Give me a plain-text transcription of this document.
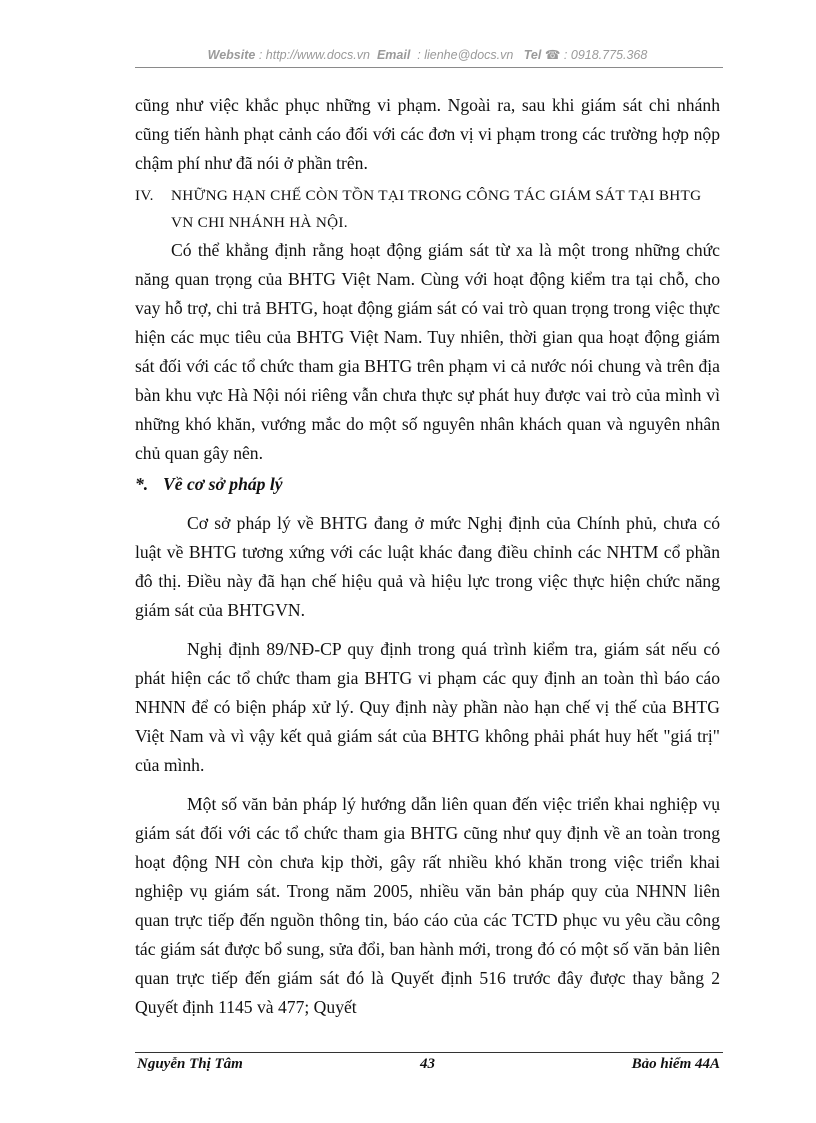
Website : http://www.docs.vn Email : lienhe@docs.vn Tel ☎ : 0918.775.368

cũng như việc khắc phục những vi phạm. Ngoài ra, sau khi giám sát chi nhánh cũng tiến hành phạt cảnh cáo đối với các đơn vị vi phạm trong các trường hợp nộp chậm phí như đã nói ở phần trên.

IV.	NHỮNG HẠN CHẾ CÒN TỒN TẠI TRONG CÔNG TÁC GIÁM SÁT TẠI BHTG VN CHI NHÁNH HÀ NỘI.

Có thể khẳng định rằng hoạt động giám sát từ xa là một trong những chức năng quan trọng của BHTG Việt Nam. Cùng với hoạt động kiểm tra tại chỗ, cho vay hỗ trợ, chi trả BHTG, hoạt động giám sát có vai trò quan trọng trong việc thực hiện các mục tiêu của BHTG Việt Nam. Tuy nhiên, thời gian qua hoạt động giám sát đối với các tổ chức tham gia BHTG trên phạm vi cả nước nói chung và trên địa bàn khu vực Hà Nội nói riêng vẫn chưa thực sự phát huy được vai trò của mình vì những khó khăn, vướng mắc do một số nguyên nhân khách quan và nguyên nhân chủ quan gây nên.

*. Về cơ sở pháp lý

Cơ sở pháp lý về BHTG đang ở mức Nghị định của Chính phủ, chưa có luật về BHTG tương xứng với các luật khác đang điều chỉnh các NHTM cổ phần đô thị. Điều này đã hạn chế hiệu quả và hiệu lực trong việc thực hiện chức năng giám sát của BHTGVN.

Nghị định 89/NĐ-CP quy định trong quá trình kiểm tra, giám sát nếu có phát hiện các tổ chức tham gia BHTG vi phạm các quy định an toàn thì báo cáo NHNN để có biện pháp xử lý. Quy định này phần nào hạn chế vị thế của BHTG Việt Nam và vì vậy kết quả giám sát của BHTG không phải phát huy hết "giá trị" của mình.

Một số văn bản pháp lý hướng dẫn liên quan đến việc triển khai nghiệp vụ giám sát đối với các tổ chức tham gia BHTG cũng như quy định về an toàn trong hoạt động NH còn chưa kịp thời, gây rất nhiều khó khăn trong việc triển khai nghiệp vụ giám sát. Trong năm 2005, nhiều văn bản pháp quy của NHNN liên quan trực tiếp đến nguồn thông tin, báo cáo của các TCTD phục vu yêu cầu công tác giám sát được bổ sung, sửa đổi, ban hành mới, trong đó có một số văn bản liên quan trực tiếp đến giám sát đó là Quyết định 516 trước đây được thay bằng 2 Quyết định 1145 và 477; Quyết

Nguyễn Thị Tâm	43	Bảo hiểm 44A
